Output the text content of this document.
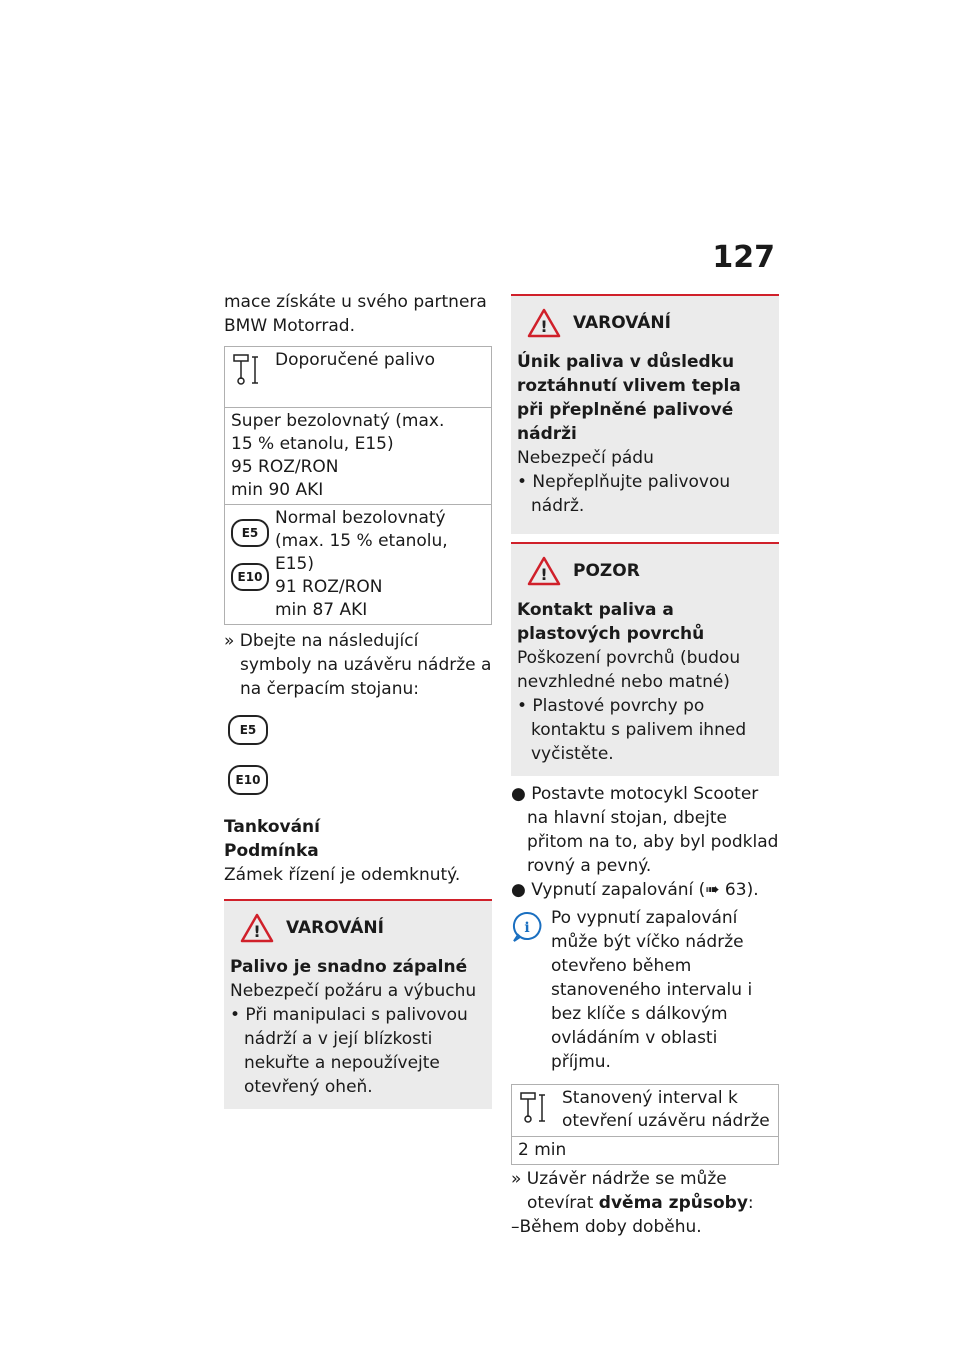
127

mace získáte u svého partnera BMW Motorrad.

Doporučené palivo

Super bezolovnatý (max.
15 % etanolu, E15)
95 ROZ/RON
min 90 AKI

E5 E10
Normal bezolovnatý
(max. 15 % etanolu,
E15)
91 ROZ/RON
min 87 AKI

» Dbejte na následující symboly na uzávěru nádrže a na čerpacím stojanu:

E5
E10

Tankování

Podmínka

Zámek řízení je odemknutý.

! VAROVÁNÍ

Palivo je snadno zápalné

Nebezpečí požáru a výbuchu

• Při manipulaci s palivovou nádrží a v její blízkosti nekuřte a nepoužívejte otevřený oheň.

! VAROVÁNÍ

Únik paliva v důsledku roztáhnutí vlivem tepla při přeplněné palivové nádrži

Nebezpečí pádu

• Nepřeplňujte palivovou nádrž.

! POZOR

Kontakt paliva a plastových povrchů

Poškození povrchů (budou nevzhledné nebo matné)

• Plastové povrchy po kontaktu s palivem ihned vyčistěte.

● Postavte motocykl Scooter na hlavní stojan, dbejte přitom na to, aby byl podklad rovný a pevný.

● Vypnutí zapalování (➠ 63).

i	Po vypnutí zapalování může být víčko nádrže otevřeno během stanoveného intervalu i bez klíče s dálkovým ovládáním v oblasti příjmu.

Stanovený interval k otevření uzávěru nádrže

2 min

» Uzávěr nádrže se může otevírat dvěma způsoby:

–Během doby doběhu.
